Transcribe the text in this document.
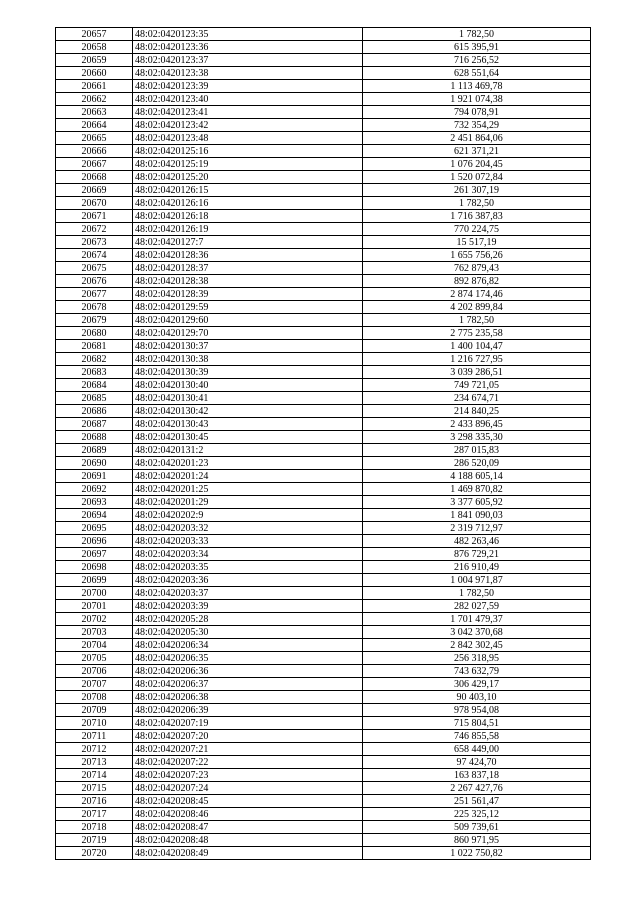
20657	48:02:0420123:35	1 782,50
20658	48:02:0420123:36	615 395,91
20659	48:02:0420123:37	716 256,52
20660	48:02:0420123:38	628 551,64
20661	48:02:0420123:39	1 113 469,78
20662	48:02:0420123:40	1 921 074,38
20663	48:02:0420123:41	794 078,91
20664	48:02:0420123:42	732 354,29
20665	48:02:0420123:48	2 451 864,06
20666	48:02:0420125:16	621 371,21
20667	48:02:0420125:19	1 076 204,45
20668	48:02:0420125:20	1 520 072,84
20669	48:02:0420126:15	261 307,19
20670	48:02:0420126:16	1 782,50
20671	48:02:0420126:18	1 716 387,83
20672	48:02:0420126:19	770 224,75
20673	48:02:0420127:7	15 517,19
20674	48:02:0420128:36	1 655 756,26
20675	48:02:0420128:37	762 879,43
20676	48:02:0420128:38	892 876,82
20677	48:02:0420128:39	2 874 174,46
20678	48:02:0420129:59	4 202 899,84
20679	48:02:0420129:60	1 782,50
20680	48:02:0420129:70	2 775 235,58
20681	48:02:0420130:37	1 400 104,47
20682	48:02:0420130:38	1 216 727,95
20683	48:02:0420130:39	3 039 286,51
20684	48:02:0420130:40	749 721,05
20685	48:02:0420130:41	234 674,71
20686	48:02:0420130:42	214 840,25
20687	48:02:0420130:43	2 433 896,45
20688	48:02:0420130:45	3 298 335,30
20689	48:02:0420131:2	287 015,83
20690	48:02:0420201:23	286 520,09
20691	48:02:0420201:24	4 188 605,14
20692	48:02:0420201:25	1 469 870,82
20693	48:02:0420201:29	3 377 605,92
20694	48:02:0420202:9	1 841 090,03
20695	48:02:0420203:32	2 319 712,97
20696	48:02:0420203:33	482 263,46
20697	48:02:0420203:34	876 729,21
20698	48:02:0420203:35	216 910,49
20699	48:02:0420203:36	1 004 971,87
20700	48:02:0420203:37	1 782,50
20701	48:02:0420203:39	282 027,59
20702	48:02:0420205:28	1 701 479,37
20703	48:02:0420205:30	3 042 370,68
20704	48:02:0420206:34	2 842 302,45
20705	48:02:0420206:35	256 318,95
20706	48:02:0420206:36	743 632,79
20707	48:02:0420206:37	306 429,17
20708	48:02:0420206:38	90 403,10
20709	48:02:0420206:39	978 954,08
20710	48:02:0420207:19	715 804,51
20711	48:02:0420207:20	746 855,58
20712	48:02:0420207:21	658 449,00
20713	48:02:0420207:22	97 424,70
20714	48:02:0420207:23	163 837,18
20715	48:02:0420207:24	2 267 427,76
20716	48:02:0420208:45	251 561,47
20717	48:02:0420208:46	225 325,12
20718	48:02:0420208:47	509 739,61
20719	48:02:0420208:48	860 971,95
20720	48:02:0420208:49	1 022 750,82
